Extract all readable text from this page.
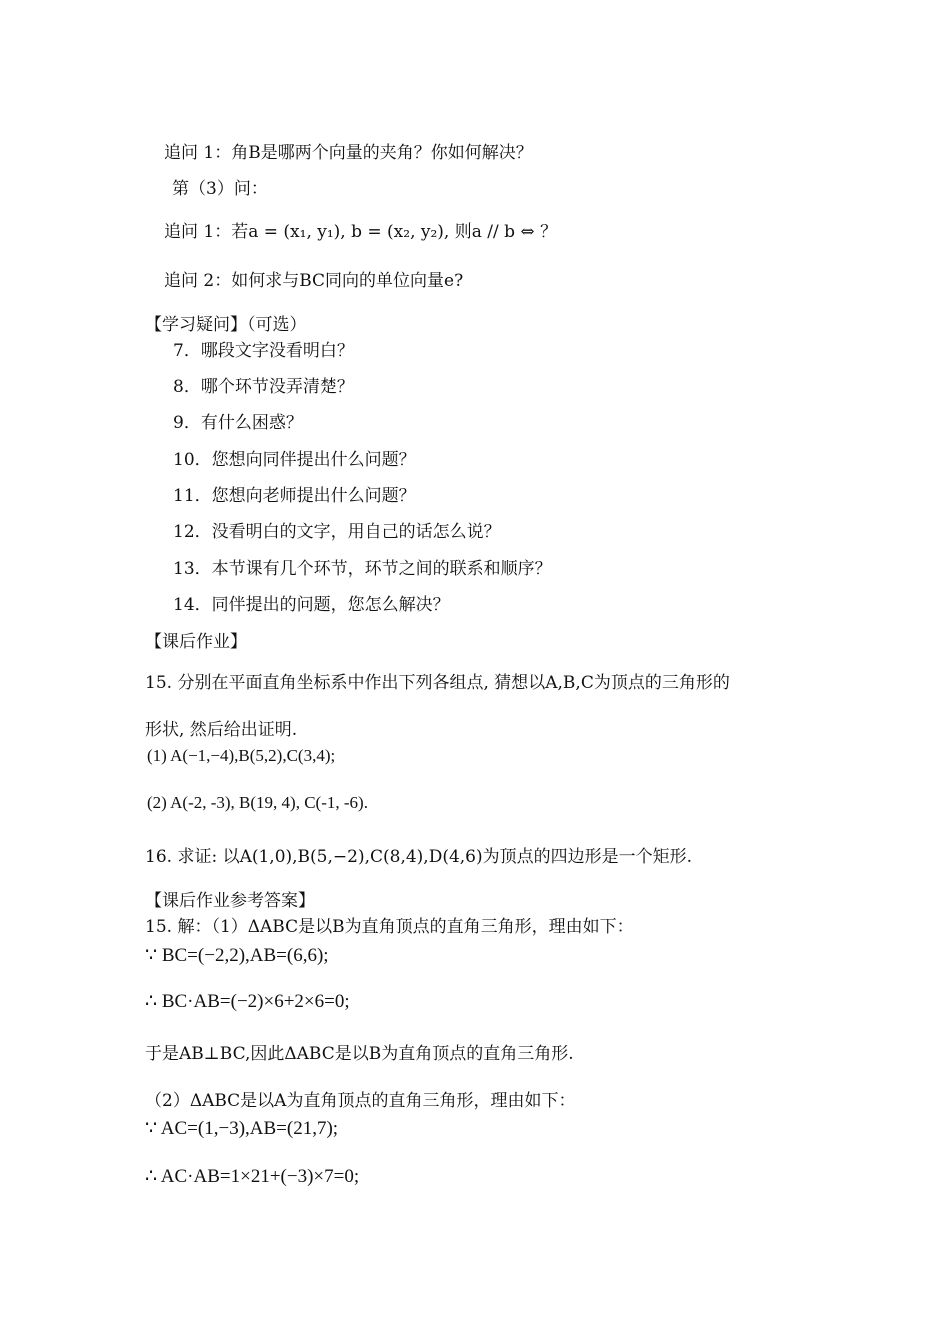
追问 1：角B是哪两个向量的夹角？你如何解决？
第（3）问：
追问 1：若a = (x₁, y₁), b = (x₂, y₂), 则a // b ⇔ ？
追问 2：如何求与BC同向的单位向量e?
【学习疑问】（可选）
7．哪段文字没看明白？
8．哪个环节没弄清楚？
9．有什么困惑？
10．您想向同伴提出什么问题？
11．您想向老师提出什么问题？
12．没看明白的文字，用自己的话怎么说？
13．本节课有几个环节，环节之间的联系和顺序？
14．同伴提出的问题，您怎么解决？
【课后作业】
15. 分别在平面直角坐标系中作出下列各组点, 猜想以A,B,C为顶点的三角形的
形状, 然后给出证明.
(1) A(−1,−4),B(5,2),C(3,4);
(2) A(-2, -3), B(19, 4), C(-1, -6).
16. 求证: 以A(1,0),B(5,−2),C(8,4),D(4,6)为顶点的四边形是一个矩形.
【课后作业参考答案】
15. 解：（1）ΔABC是以B为直角顶点的直角三角形，理由如下：
∵ BC=(−2,2),AB=(6,6);
∴ BC·AB=(−2)×6+2×6=0;
于是AB⊥BC,因此ΔABC是以B为直角顶点的直角三角形.
（2）ΔABC是以A为直角顶点的直角三角形，理由如下：
∵ AC=(1,−3),AB=(21,7);
∴ AC·AB=1×21+(−3)×7=0;
